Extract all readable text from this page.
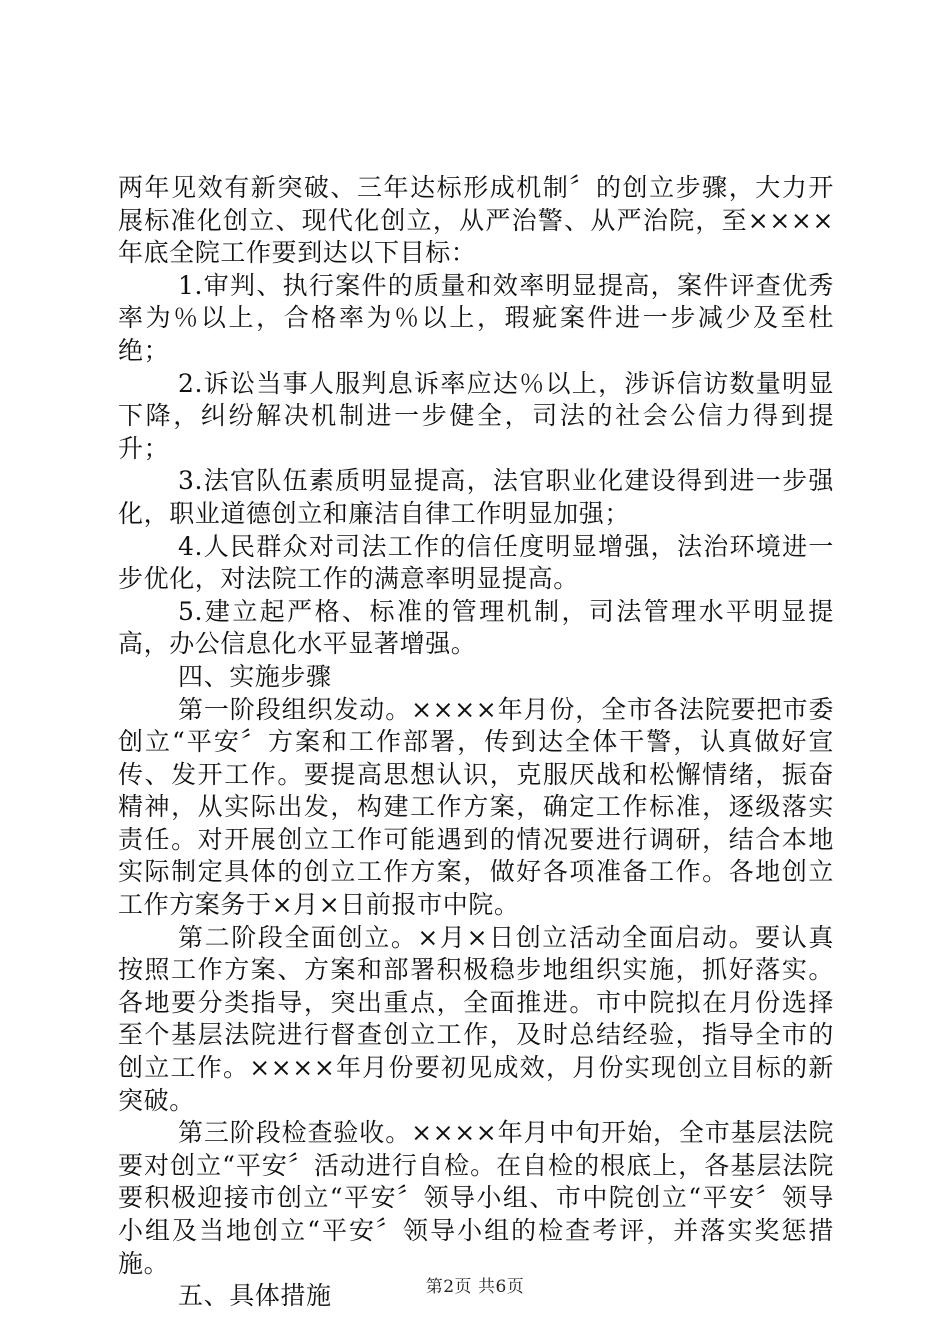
两年见效有新突破、三年达标形成机制〞的创立步骤，大力开展标准化创立、现代化创立，从严治警、从严治院，至××××年底全院工作要到达以下目标：

1.审判、执行案件的质量和效率明显提高，案件评查优秀率为％以上，合格率为％以上，瑕疵案件进一步减少及至杜绝；

2.诉讼当事人服判息诉率应达％以上，涉诉信访数量明显下降，纠纷解决机制进一步健全，司法的社会公信力得到提升；

3.法官队伍素质明显提高，法官职业化建设得到进一步强化，职业道德创立和廉洁自律工作明显加强；

4.人民群众对司法工作的信任度明显增强，法治环境进一步优化，对法院工作的满意率明显提高。

5.建立起严格、标准的管理机制，司法管理水平明显提高，办公信息化水平显著增强。

四、实施步骤

第一阶段组织发动。××××年月份，全市各法院要把市委创立“平安〞方案和工作部署，传到达全体干警，认真做好宣传、发开工作。要提高思想认识，克服厌战和松懈情绪，振奋精神，从实际出发，构建工作方案，确定工作标准，逐级落实责任。对开展创立工作可能遇到的情况要进行调研，结合本地实际制定具体的创立工作方案，做好各项准备工作。各地创立工作方案务于×月×日前报市中院。

第二阶段全面创立。×月×日创立活动全面启动。要认真按照工作方案、方案和部署积极稳步地组织实施，抓好落实。各地要分类指导，突出重点，全面推进。市中院拟在月份选择至个基层法院进行督查创立工作，及时总结经验，指导全市的创立工作。××××年月份要初见成效，月份实现创立目标的新突破。

第三阶段检查验收。××××年月中旬开始，全市基层法院要对创立“平安〞活动进行自检。在自检的根底上，各基层法院要积极迎接市创立“平安〞领导小组、市中院创立“平安〞领导小组及当地创立“平安〞领导小组的检查考评，并落实奖惩措施。

五、具体措施	第2页 共6页
